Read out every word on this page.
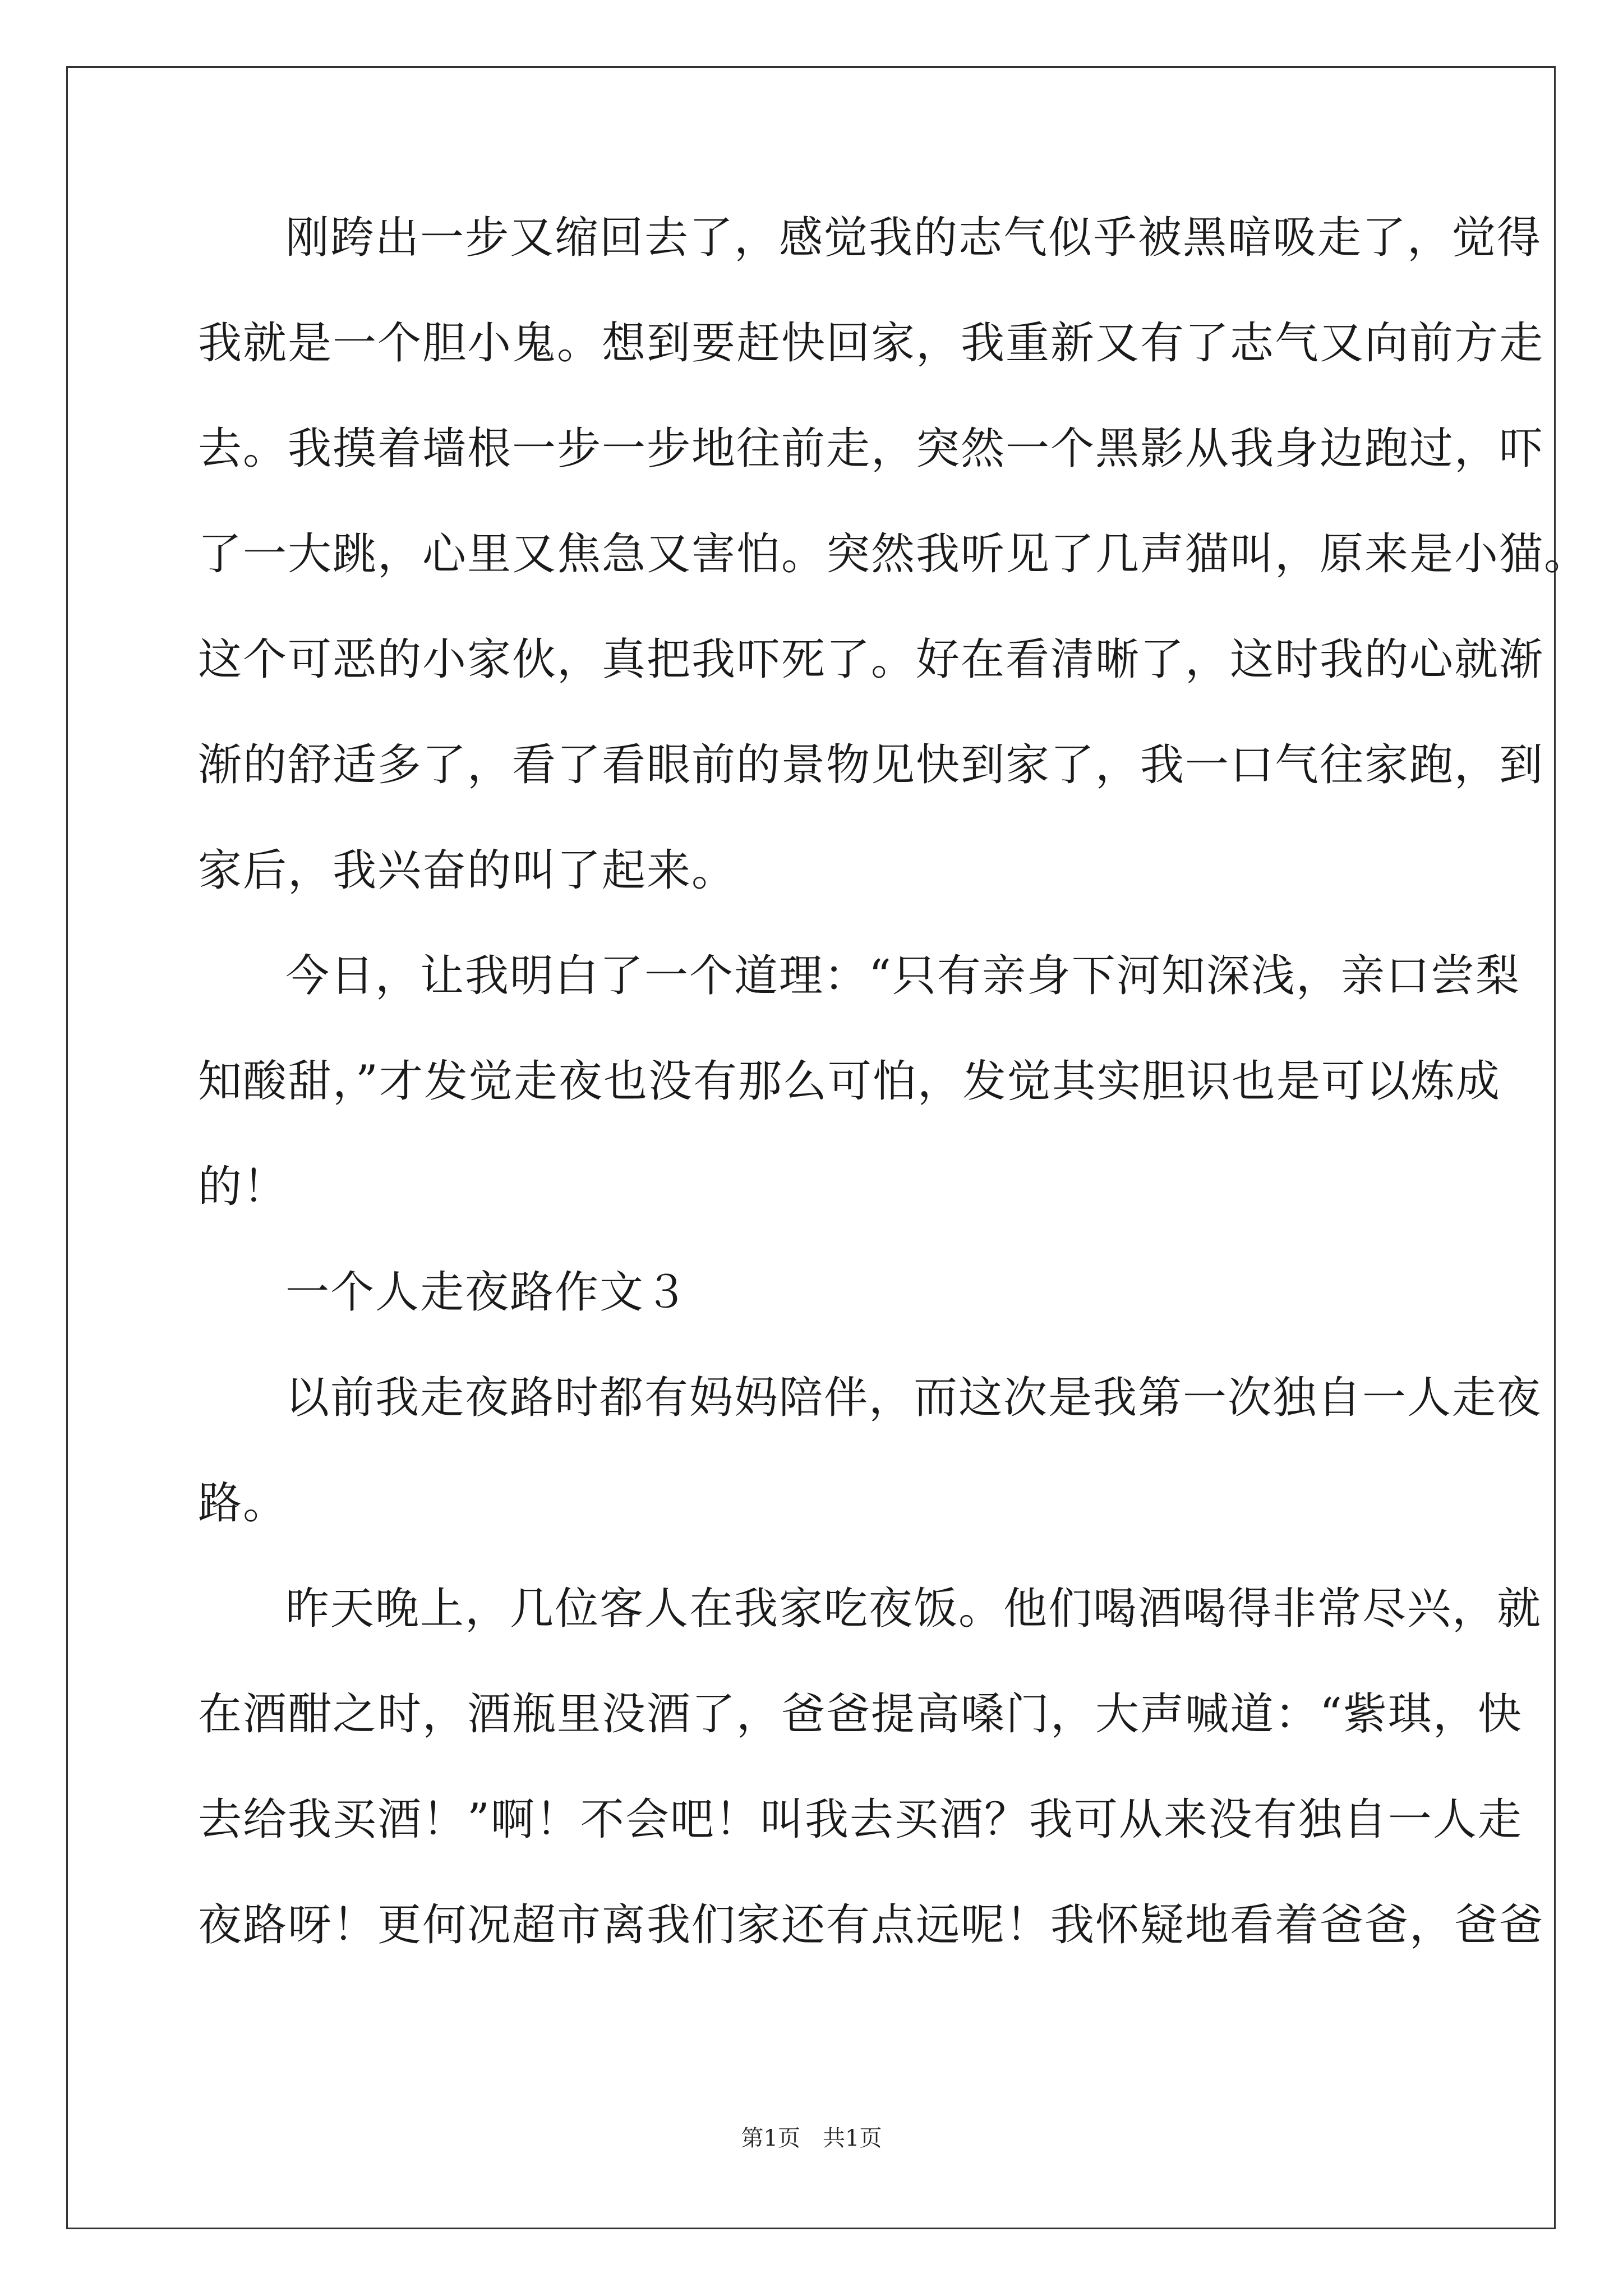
刚跨出一步又缩回去了，感觉我的志气似乎被黑暗吸走了，觉得
我就是一个胆小鬼。想到要赶快回家，我重新又有了志气又向前方走
去。我摸着墙根一步一步地往前走，突然一个黑影从我身边跑过，吓
了一大跳，心里又焦急又害怕。突然我听见了几声猫叫，原来是小猫。
这个可恶的小家伙，真把我吓死了。好在看清晰了，这时我的心就渐
渐的舒适多了，看了看眼前的景物见快到家了，我一口气往家跑，到
家后，我兴奋的叫了起来。
今日，让我明白了一个道理：“只有亲身下河知深浅，亲口尝梨
知酸甜，”才发觉走夜也没有那么可怕，发觉其实胆识也是可以炼成
的！
一个人走夜路作文３
以前我走夜路时都有妈妈陪伴，而这次是我第一次独自一人走夜
路。
昨天晚上，几位客人在我家吃夜饭。他们喝酒喝得非常尽兴，就
在酒酣之时，酒瓶里没酒了，爸爸提高嗓门，大声喊道：“紫琪，快
去给我买酒！”啊！不会吧！叫我去买酒？我可从来没有独自一人走
夜路呀！更何况超市离我们家还有点远呢！我怀疑地看着爸爸，爸爸
第1页　共1页
